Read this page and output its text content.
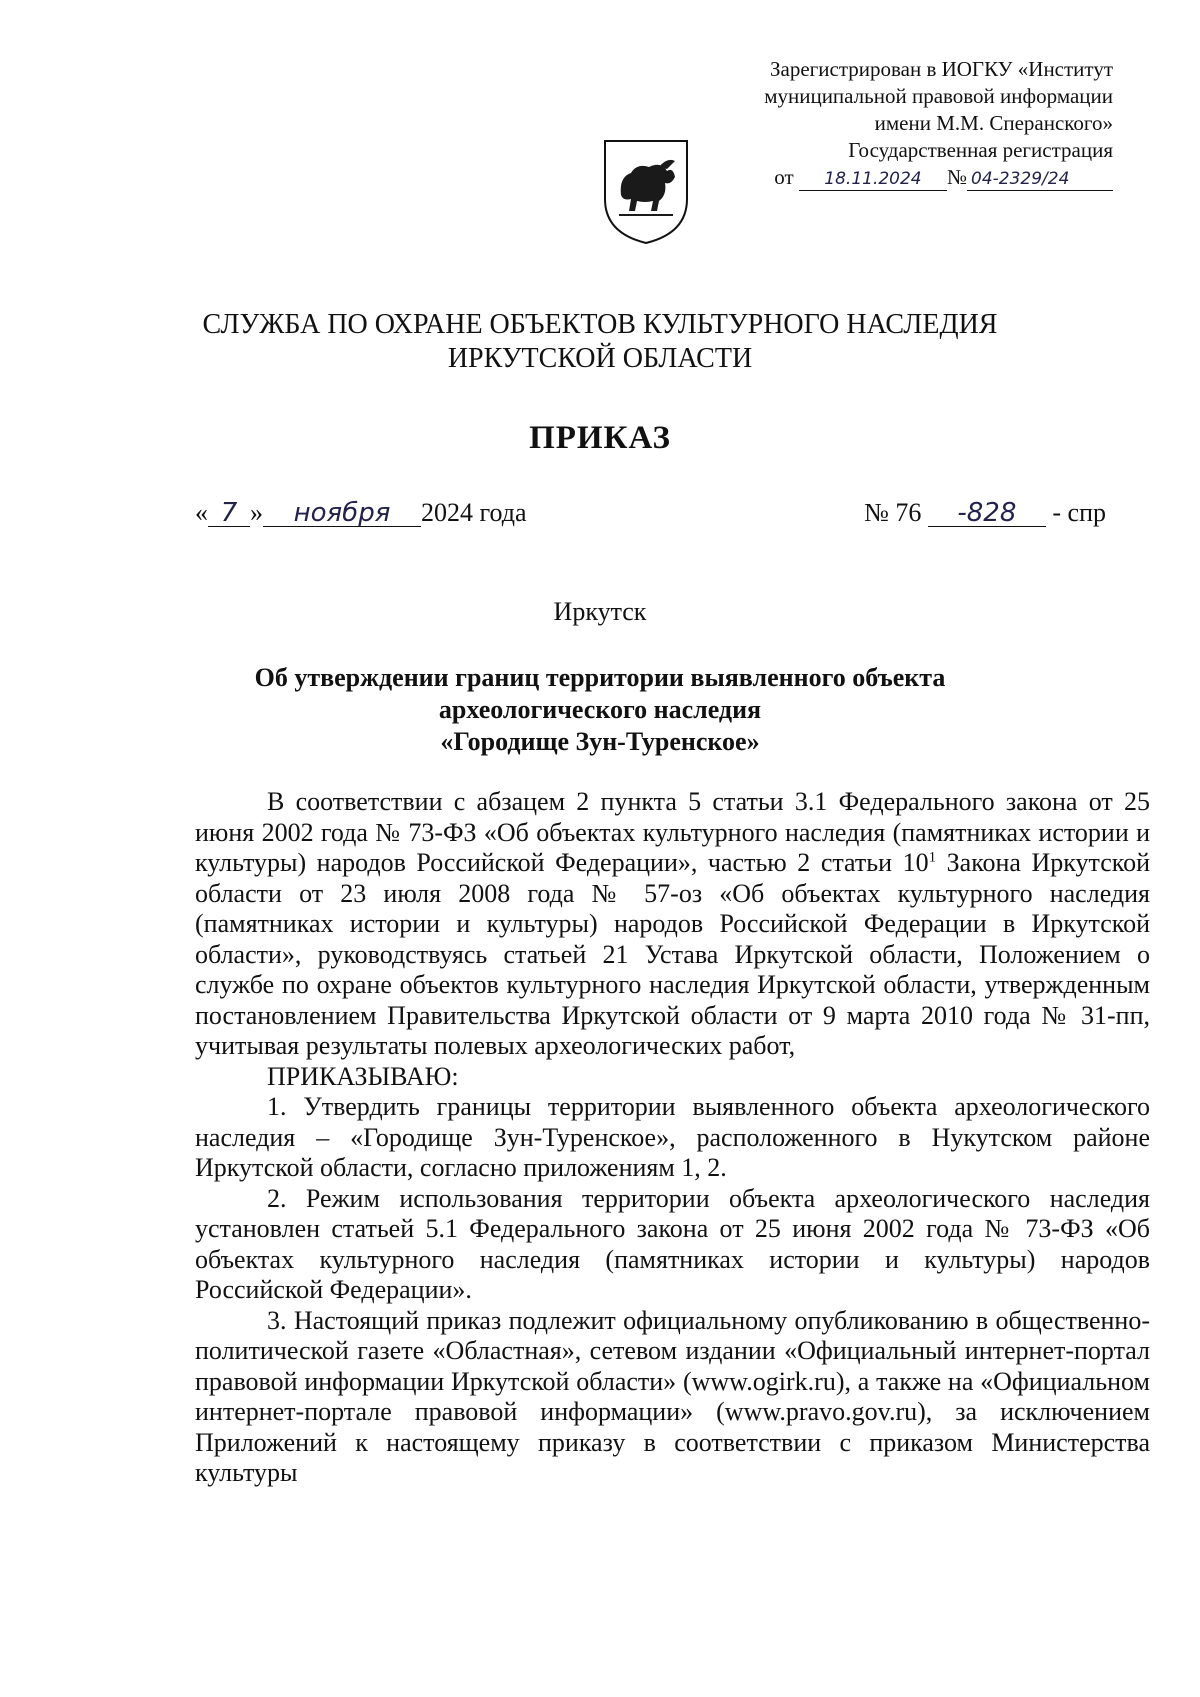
Зарегистрирован в ИОГКУ «Институт
муниципальной правовой информации
имени М.М. Сперанского»
Государственная регистрация
от 18.11.2024 № 04-2329/24
СЛУЖБА ПО ОХРАНЕ ОБЪЕКТОВ КУЛЬТУРНОГО НАСЛЕДИЯ
ИРКУТСКОЙ ОБЛАСТИ
ПРИКАЗ
« 7 » ноября 2024 года	№ 76 -828 - спр
Иркутск
Об утверждении границ территории выявленного объекта
археологического наследия
«Городище Зун-Туренское»

В соответствии с абзацем 2 пункта 5 статьи 3.1 Федерального закона от 25 июня 2002 года № 73-ФЗ «Об объектах культурного наследия (памятниках истории и культуры) народов Российской Федерации», частью 2 статьи $10^1$ Закона Иркутской области от 23 июля 2008 года № 57-оз «Об объектах культурного наследия (памятниках истории и культуры) народов Российской Федерации в Иркутской области», руководствуясь статьей 21 Устава Иркутской области, Положением о службе по охране объектов культурного наследия Иркутской области, утвержденным постановлением Правительства Иркутской области от 9 марта 2010 года № 31-пп, учитывая результаты полевых археологических работ,

ПРИКАЗЫВАЮ:

1. Утвердить границы территории выявленного объекта археологического наследия – «Городище Зун-Туренское», расположенного в Нукутском районе Иркутской области, согласно приложениям 1, 2.

2. Режим использования территории объекта археологического наследия установлен статьей 5.1 Федерального закона от 25 июня 2002 года № 73-ФЗ «Об объектах культурного наследия (памятниках истории и культуры) народов Российской Федерации».

3. Настоящий приказ подлежит официальному опубликованию в общественно-политической газете «Областная», сетевом издании «Официальный интернет-портал правовой информации Иркутской области» (www.ogirk.ru), а также на «Официальном интернет-портале правовой информации» (www.pravo.gov.ru), за исключением Приложений к настоящему приказу в соответствии с приказом Министерства культуры
